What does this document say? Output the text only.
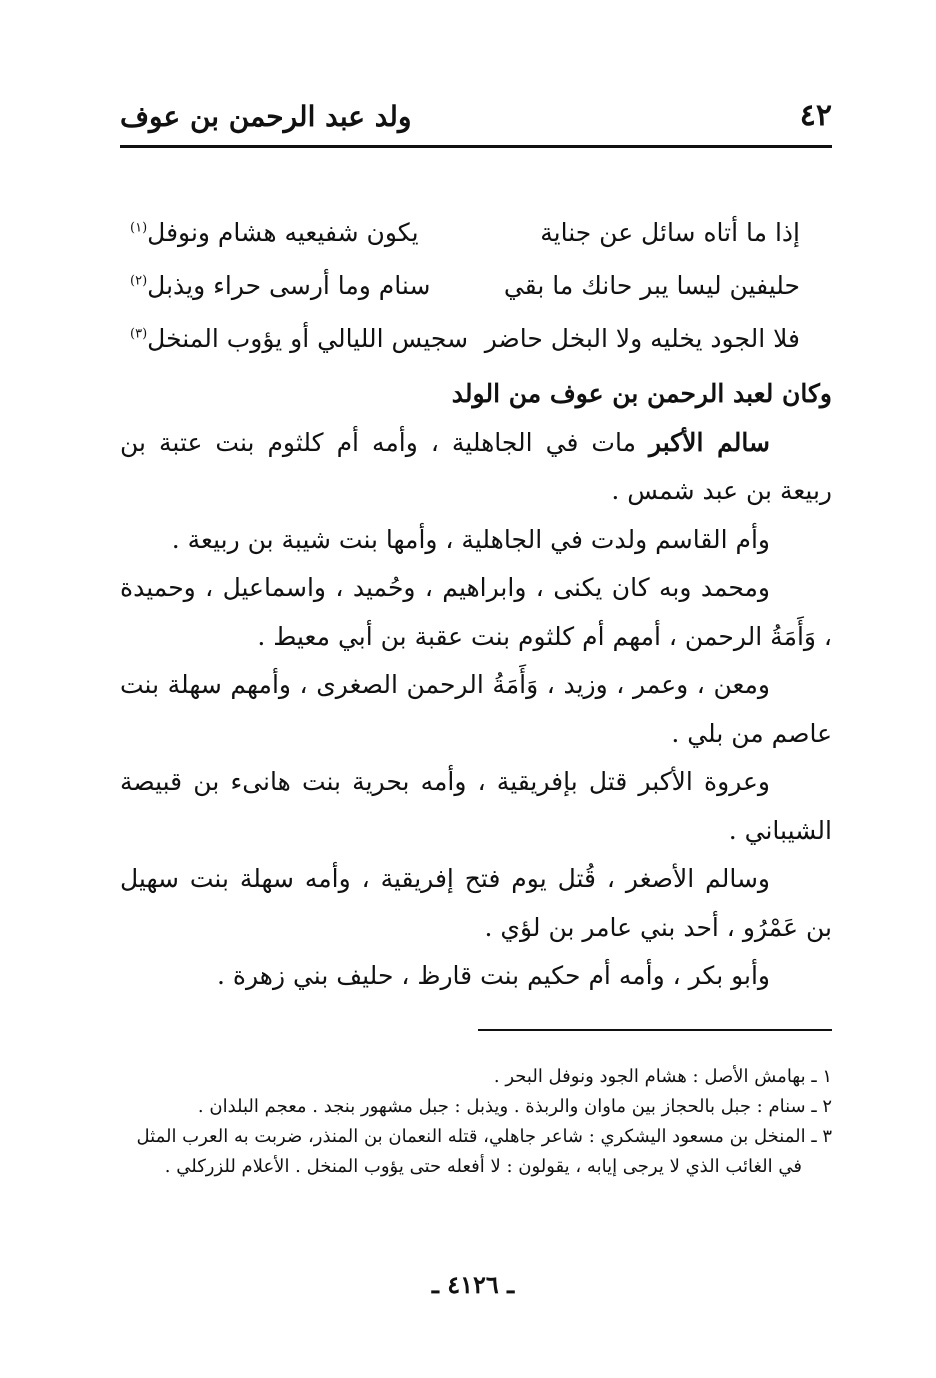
٤٢
ولد عبد الرحمن بن عوف
إذا ما أتاه سائل عن جناية
يكون شفيعيه هشام ونوفل$^{(١)}$
حليفين ليسا يبر حانك ما بقي
سنام وما أرسى حراء ويذبل$^{(٢)}$
فلا الجود يخليه ولا البخل حاضر
سجيس الليالي أو يؤوب المنخل$^{(٣)}$

وكان لعبد الرحمن بن عوف من الولد

سالم الأكبر مات في الجاهلية ، وأمه أم كلثوم بنت عتبة بن ربيعة بن عبد شمس .

وأم القاسم ولدت في الجاهلية ، وأمها بنت شيبة بن ربيعة .

ومحمد وبه كان يكنى ، وابراهيم ، وحُميد ، واسماعيل ، وحميدة ، وَأَمَةُ الرحمن ، أمهم أم كلثوم بنت عقبة بن أبي معيط .

ومعن ، وعمر ، وزيد ، وَأَمَةُ الرحمن الصغرى ، وأمهم سهلة بنت عاصم من بلي .

وعروة الأكبر قتل بإفريقية ، وأمه بحرية بنت هانىء بن قبيصة الشيباني .

وسالم الأصغر ، قُتل يوم فتح إفريقية ، وأمه سهلة بنت سهيل بن عَمْرُو ، أحد بني عامر بن لؤي .

وأبو بكر ، وأمه أم حكيم بنت قارظ ، حليف بني زهرة .

١ ـ بهامش الأصل : هشام الجود ونوفل البحر .

٢ ـ سنام : جبل بالحجاز بين ماوان والربذة . ويذبل : جبل مشهور بنجد . معجم البلدان .

٣ ـ المنخل بن مسعود اليشكري : شاعر جاهلي، قتله النعمان بن المنذر، ضربت به العرب المثل

في الغائب الذي لا يرجى إيابه ، يقولون : لا أفعله حتى يؤوب المنخل . الأعلام للزركلي .

ـ ٤١٢٦ ـ
